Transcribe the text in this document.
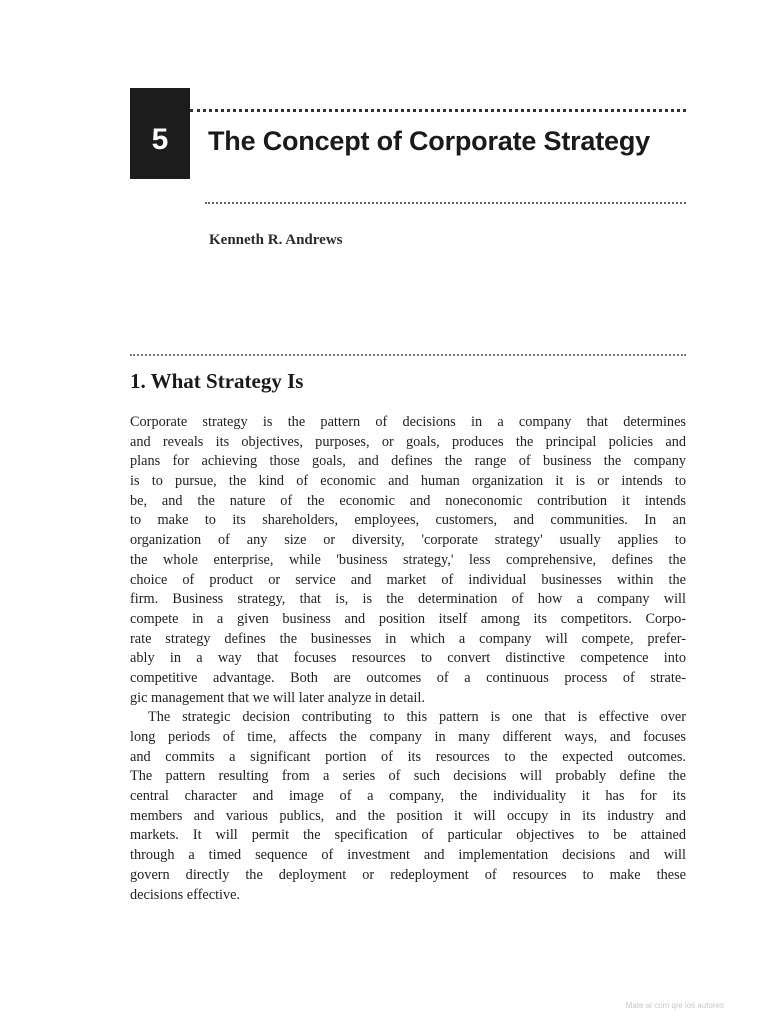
5 The Concept of Corporate Strategy

Kenneth R. Andrews

1. What Strategy Is
Corporate strategy is the pattern of decisions in a company that determines
and reveals its objectives, purposes, or goals, produces the principal policies and
plans for achieving those goals, and defines the range of business the company
is to pursue, the kind of economic and human organization it is or intends to
be, and the nature of the economic and noneconomic contribution it intends
to make to its shareholders, employees, customers, and communities. In an
organization of any size or diversity, 'corporate strategy' usually applies to
the whole enterprise, while 'business strategy,' less comprehensive, defines the
choice of product or service and market of individual businesses within the
firm. Business strategy, that is, is the determination of how a company will
compete in a given business and position itself among its competitors. Corpo-
rate strategy defines the businesses in which a company will compete, prefer-
ably in a way that focuses resources to convert distinctive competence into
competitive advantage. Both are outcomes of a continuous process of strate-
gic management that we will later analyze in detail.
The strategic decision contributing to this pattern is one that is effective over
long periods of time, affects the company in many different ways, and focuses
and commits a significant portion of its resources to the expected outcomes.
The pattern resulting from a series of such decisions will probably define the
central character and image of a company, the individuality it has for its
members and various publics, and the position it will occupy in its industry and
markets. It will permit the specification of particular objectives to be attained
through a timed sequence of investment and implementation decisions and will
govern directly the deployment or redeployment of resources to make these
decisions effective.
Mate al com q/e los autores
